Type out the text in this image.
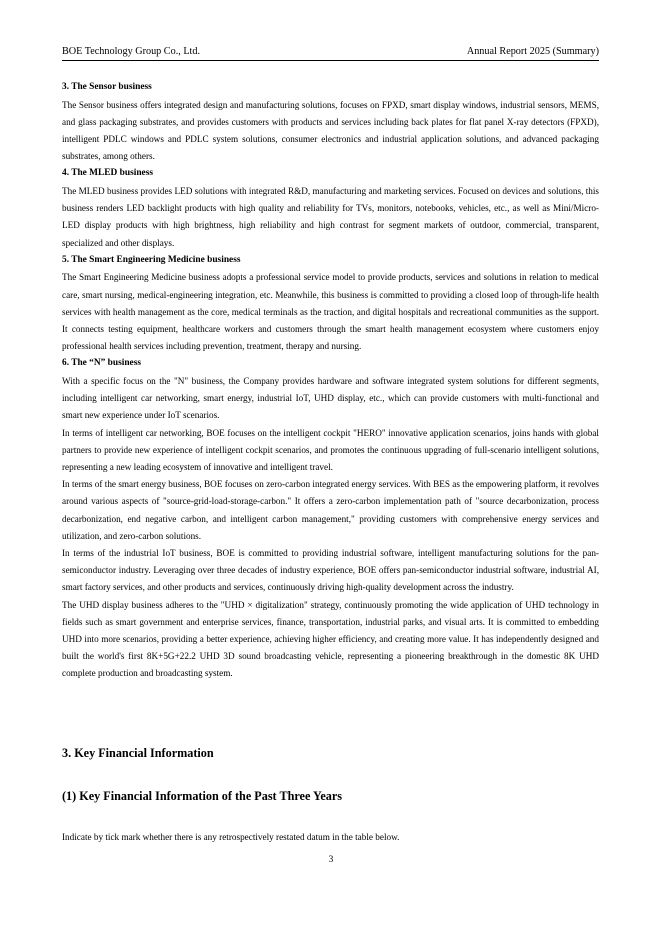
BOE Technology Group Co., Ltd.	Annual Report 2025 (Summary)
3. The Sensor business

The Sensor business offers integrated design and manufacturing solutions, focuses on FPXD, smart display windows, industrial sensors, MEMS, and glass packaging substrates, and provides customers with products and services including back plates for flat panel X-ray detectors (FPXD), intelligent PDLC windows and PDLC system solutions, consumer electronics and industrial application solutions, and advanced packaging substrates, among others.

4. The MLED business

The MLED business provides LED solutions with integrated R&D, manufacturing and marketing services. Focused on devices and solutions, this business renders LED backlight products with high quality and reliability for TVs, monitors, notebooks, vehicles, etc., as well as Mini/Micro-LED display products with high brightness, high reliability and high contrast for segment markets of outdoor, commercial, transparent, specialized and other displays.

5. The Smart Engineering Medicine business

The Smart Engineering Medicine business adopts a professional service model to provide products, services and solutions in relation to medical care, smart nursing, medical-engineering integration, etc. Meanwhile, this business is committed to providing a closed loop of through-life health services with health management as the core, medical terminals as the traction, and digital hospitals and recreational communities as the support. It connects testing equipment, healthcare workers and customers through the smart health management ecosystem where customers enjoy professional health services including prevention, treatment, therapy and nursing.

6. The “N” business

With a specific focus on the "N" business, the Company provides hardware and software integrated system solutions for different segments, including intelligent car networking, smart energy, industrial IoT, UHD display, etc., which can provide customers with multi-functional and smart new experience under IoT scenarios.

In terms of intelligent car networking, BOE focuses on the intelligent cockpit "HERO" innovative application scenarios, joins hands with global partners to provide new experience of intelligent cockpit scenarios, and promotes the continuous upgrading of full-scenario intelligent solutions, representing a new leading ecosystem of innovative and intelligent travel.

In terms of the smart energy business, BOE focuses on zero-carbon integrated energy services. With BES as the empowering platform, it revolves around various aspects of "source-grid-load-storage-carbon." It offers a zero-carbon implementation path of "source decarbonization, process decarbonization, end negative carbon, and intelligent carbon management," providing customers with comprehensive energy services and utilization, and zero-carbon solutions.

In terms of the industrial IoT business, BOE is committed to providing industrial software, intelligent manufacturing solutions for the pan-semiconductor industry. Leveraging over three decades of industry experience, BOE offers pan-semiconductor industrial software, industrial AI, smart factory services, and other products and services, continuously driving high-quality development across the industry.

The UHD display business adheres to the "UHD × digitalization" strategy, continuously promoting the wide application of UHD technology in fields such as smart government and enterprise services, finance, transportation, industrial parks, and visual arts. It is committed to embedding UHD into more scenarios, providing a better experience, achieving higher efficiency, and creating more value. It has independently designed and built the world's first 8K+5G+22.2 UHD 3D sound broadcasting vehicle, representing a pioneering breakthrough in the domestic 8K UHD complete production and broadcasting system.

3. Key Financial Information
(1) Key Financial Information of the Past Three Years
Indicate by tick mark whether there is any retrospectively restated datum in the table below.
3
